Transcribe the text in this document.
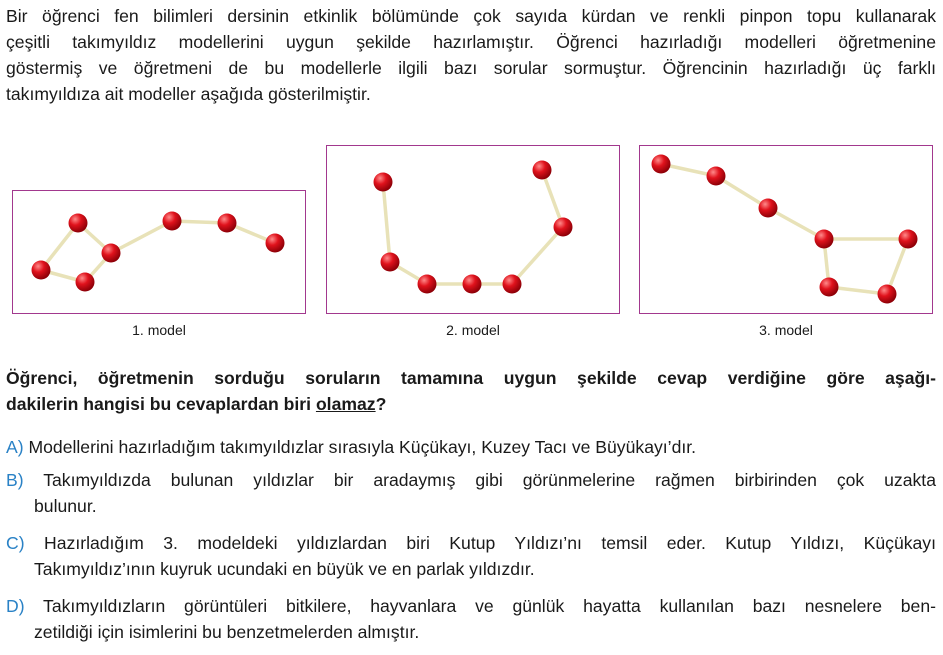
Bir öğrenci fen bilimleri dersinin etkinlik bölümünde çok sayıda kürdan ve renkli pinpon topu kullanarak
çeşitli takımyıldız modellerini uygun şekilde hazırlamıştır. Öğrenci hazırladığı modelleri öğretmenine
göstermiş ve öğretmeni de bu modellerle ilgili bazı sorular sormuştur. Öğrencinin hazırladığı üç farklı
takımyıldıza ait modeller aşağıda gösterilmiştir.
1. model	2. model	3. model
Öğrenci, öğretmenin sorduğu soruların tamamına uygun şekilde cevap verdiğine göre aşağı-
dakilerin hangisi bu cevaplardan biri olamaz?
A) Modellerini hazırladığım takımyıldızlar sırasıyla Küçükayı, Kuzey Tacı ve Büyükayı’dır.
B) Takımyıldızda bulunan yıldızlar bir aradaymış gibi görünmelerine rağmen birbirinden çok uzakta
bulunur.
C) Hazırladığım 3. modeldeki yıldızlardan biri Kutup Yıldızı’nı temsil eder. Kutup Yıldızı, Küçükayı
Takımyıldız’ının kuyruk ucundaki en büyük ve en parlak yıldızdır.
D) Takımyıldızların görüntüleri bitkilere, hayvanlara ve günlük hayatta kullanılan bazı nesnelere ben-
zetildiği için isimlerini bu benzetmelerden almıştır.
